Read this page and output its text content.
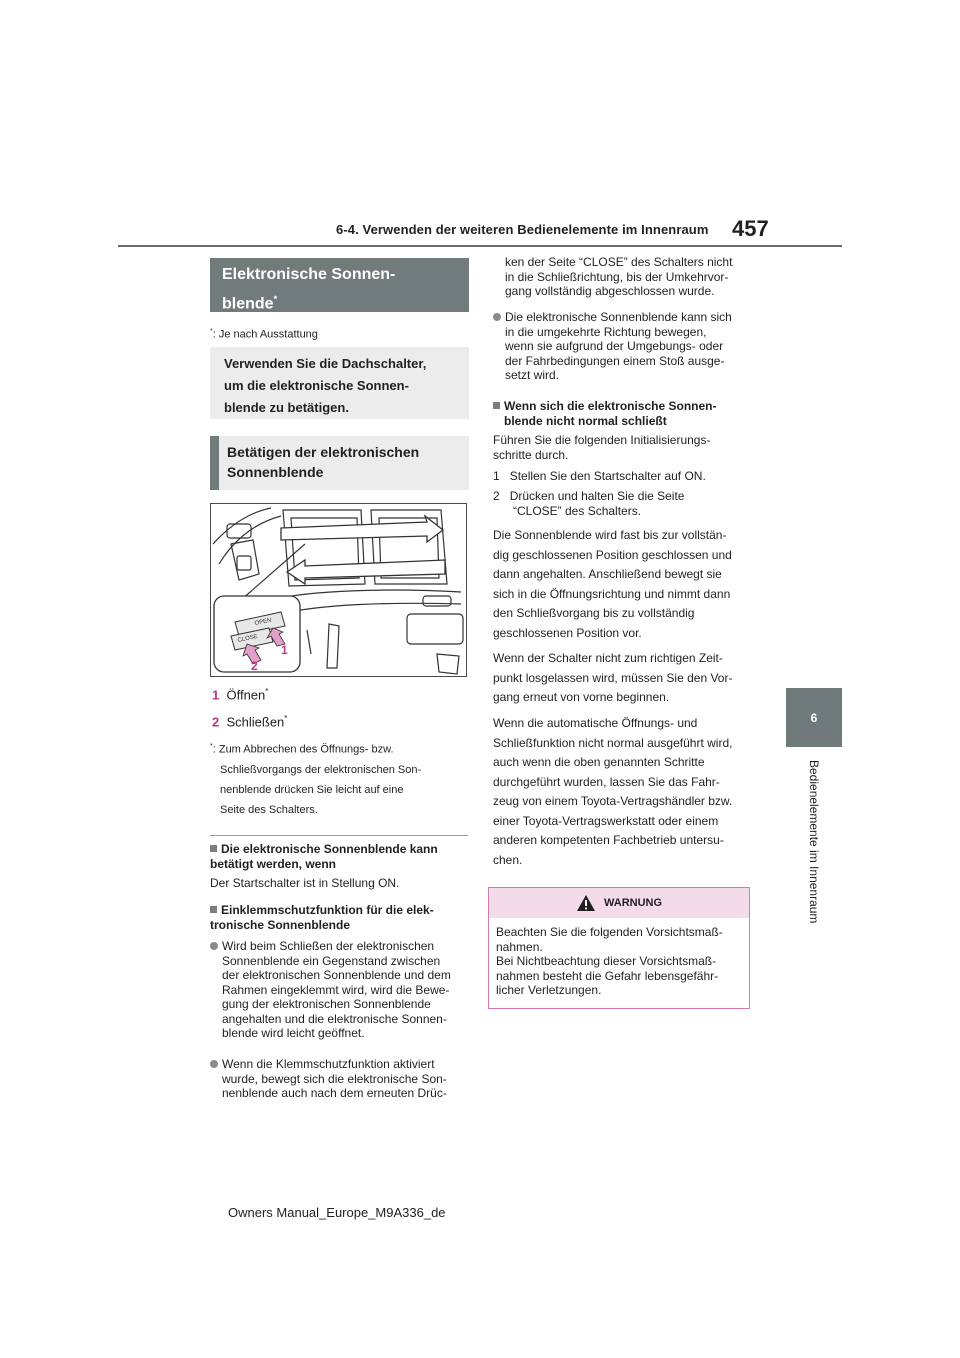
6-4. Verwenden der weiteren Bedienelemente im Innenraum 457
6
Bedienelemente im Innenraum
Elektronische Sonnen-
blende*
*: Je nach Ausstattung
Verwenden Sie die Dachschalter,
um die elektronische Sonnen-
blende zu betätigen.
Betätigen der elektronischen
Sonnenblende
OPEN
CLOSE
1
2
1 Öffnen*
2 Schließen*
*: Zum Abbrechen des Öffnungs- bzw.
Schließvorgangs der elektronischen Son-
nenblende drücken Sie leicht auf eine
Seite des Schalters.
Die elektronische Sonnenblende kann
betätigt werden, wenn
Der Startschalter ist in Stellung ON.
Einklemmschutzfunktion für die elek-
tronische Sonnenblende
Wird beim Schließen der elektronischen
Sonnenblende ein Gegenstand zwischen
der elektronischen Sonnenblende und dem
Rahmen eingeklemmt wird, wird die Bewe-
gung der elektronischen Sonnenblende
angehalten und die elektronische Sonnen-
blende wird leicht geöffnet.
Wenn die Klemmschutzfunktion aktiviert
wurde, bewegt sich die elektronische Son-
nenblende auch nach dem erneuten Drüc-
ken der Seite “CLOSE” des Schalters nicht
in die Schließrichtung, bis der Umkehrvor-
gang vollständig abgeschlossen wurde.
Die elektronische Sonnenblende kann sich
in die umgekehrte Richtung bewegen,
wenn sie aufgrund der Umgebungs- oder
der Fahrbedingungen einem Stoß ausge-
setzt wird.
Wenn sich die elektronische Sonnen-
blende nicht normal schließt
Führen Sie die folgenden Initialisierungs-
schritte durch.
1 Stellen Sie den Startschalter auf ON.
2 Drücken und halten Sie die Seite
“CLOSE” des Schalters.
Die Sonnenblende wird fast bis zur vollstän-
dig geschlossenen Position geschlossen und
dann angehalten. Anschließend bewegt sie
sich in die Öffnungsrichtung und nimmt dann
den Schließvorgang bis zu vollständig
geschlossenen Position vor.
Wenn der Schalter nicht zum richtigen Zeit-
punkt losgelassen wird, müssen Sie den Vor-
gang erneut von vorne beginnen.
Wenn die automatische Öffnungs- und
Schließfunktion nicht normal ausgeführt wird,
auch wenn die oben genannten Schritte
durchgeführt wurden, lassen Sie das Fahr-
zeug von einem Toyota-Vertragshändler bzw.
einer Toyota-Vertragswerkstatt oder einem
anderen kompetenten Fachbetrieb untersu-
chen.
WARNUNG
Beachten Sie die folgenden Vorsichtsmaß-
nahmen.
Bei Nichtbeachtung dieser Vorsichtsmaß-
nahmen besteht die Gefahr lebensgefähr-
licher Verletzungen.
Owners Manual_Europe_M9A336_de
